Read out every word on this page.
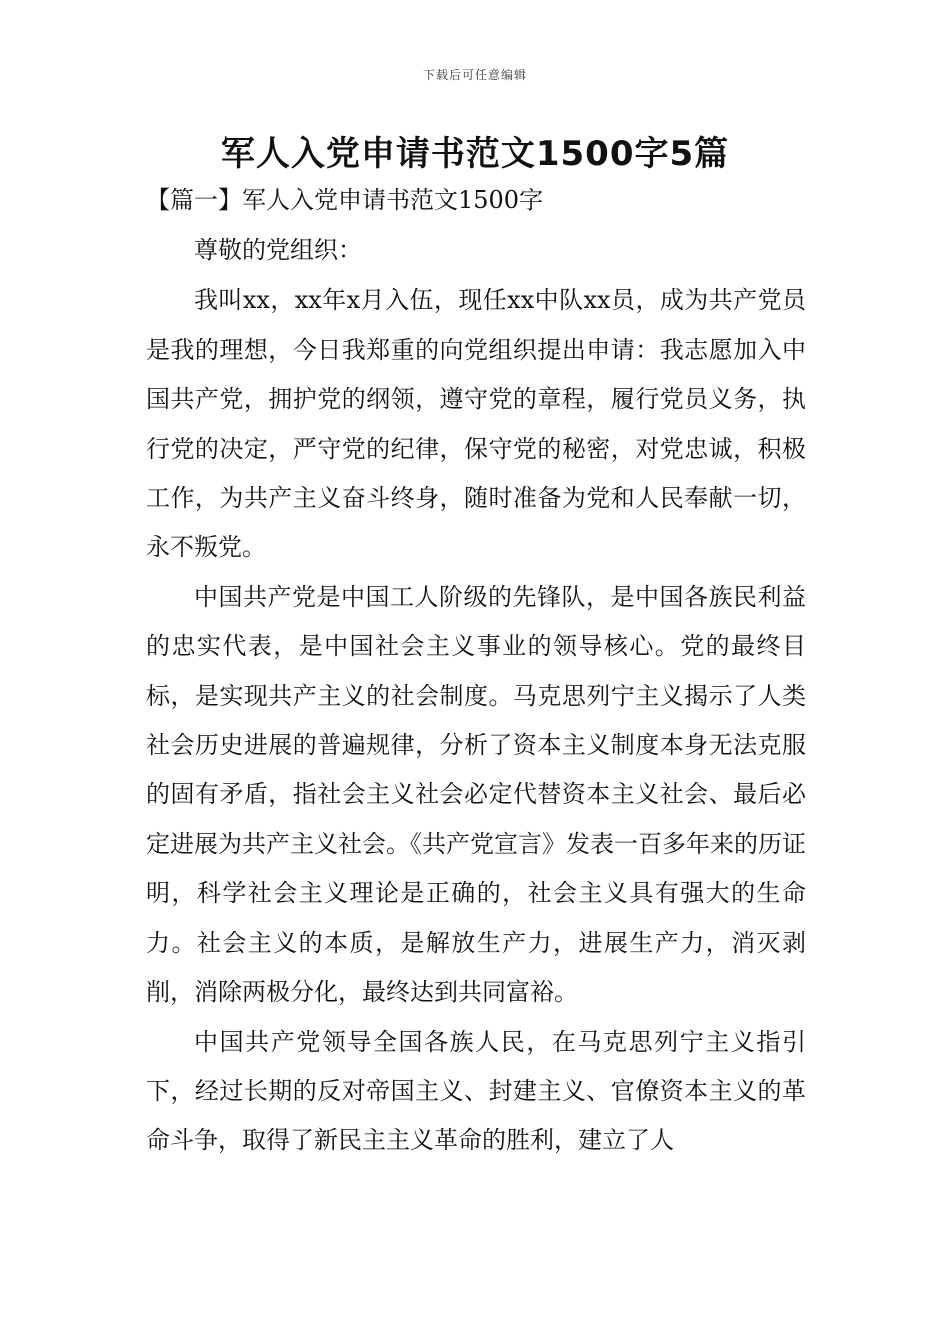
下载后可任意编辑
军人入党申请书范文1500字5篇
【篇一】军人入党申请书范文1500字

尊敬的党组织：

我叫xx，xx年x月入伍，现任xx中队xx员，成为共产党员是我的理想，今日我郑重的向党组织提出申请：我志愿加入中国共产党，拥护党的纲领，遵守党的章程，履行党员义务，执行党的决定，严守党的纪律，保守党的秘密，对党忠诚，积极工作，为共产主义奋斗终身，随时准备为党和人民奉献一切，永不叛党。

中国共产党是中国工人阶级的先锋队，是中国各族民利益的忠实代表，是中国社会主义事业的领导核心。党的最终目标，是实现共产主义的社会制度。马克思列宁主义揭示了人类社会历史进展的普遍规律，分析了资本主义制度本身无法克服的固有矛盾，指社会主义社会必定代替资本主义社会、最后必定进展为共产主义社会。《共产党宣言》发表一百多年来的历证明，科学社会主义理论是正确的，社会主义具有强大的生命力。社会主义的本质，是解放生产力，进展生产力，消灭剥削，消除两极分化，最终达到共同富裕。

中国共产党领导全国各族人民，在马克思列宁主义指引下，经过长期的反对帝国主义、封建主义、官僚资本主义的革命斗争，取得了新民主主义革命的胜利，建立了人
